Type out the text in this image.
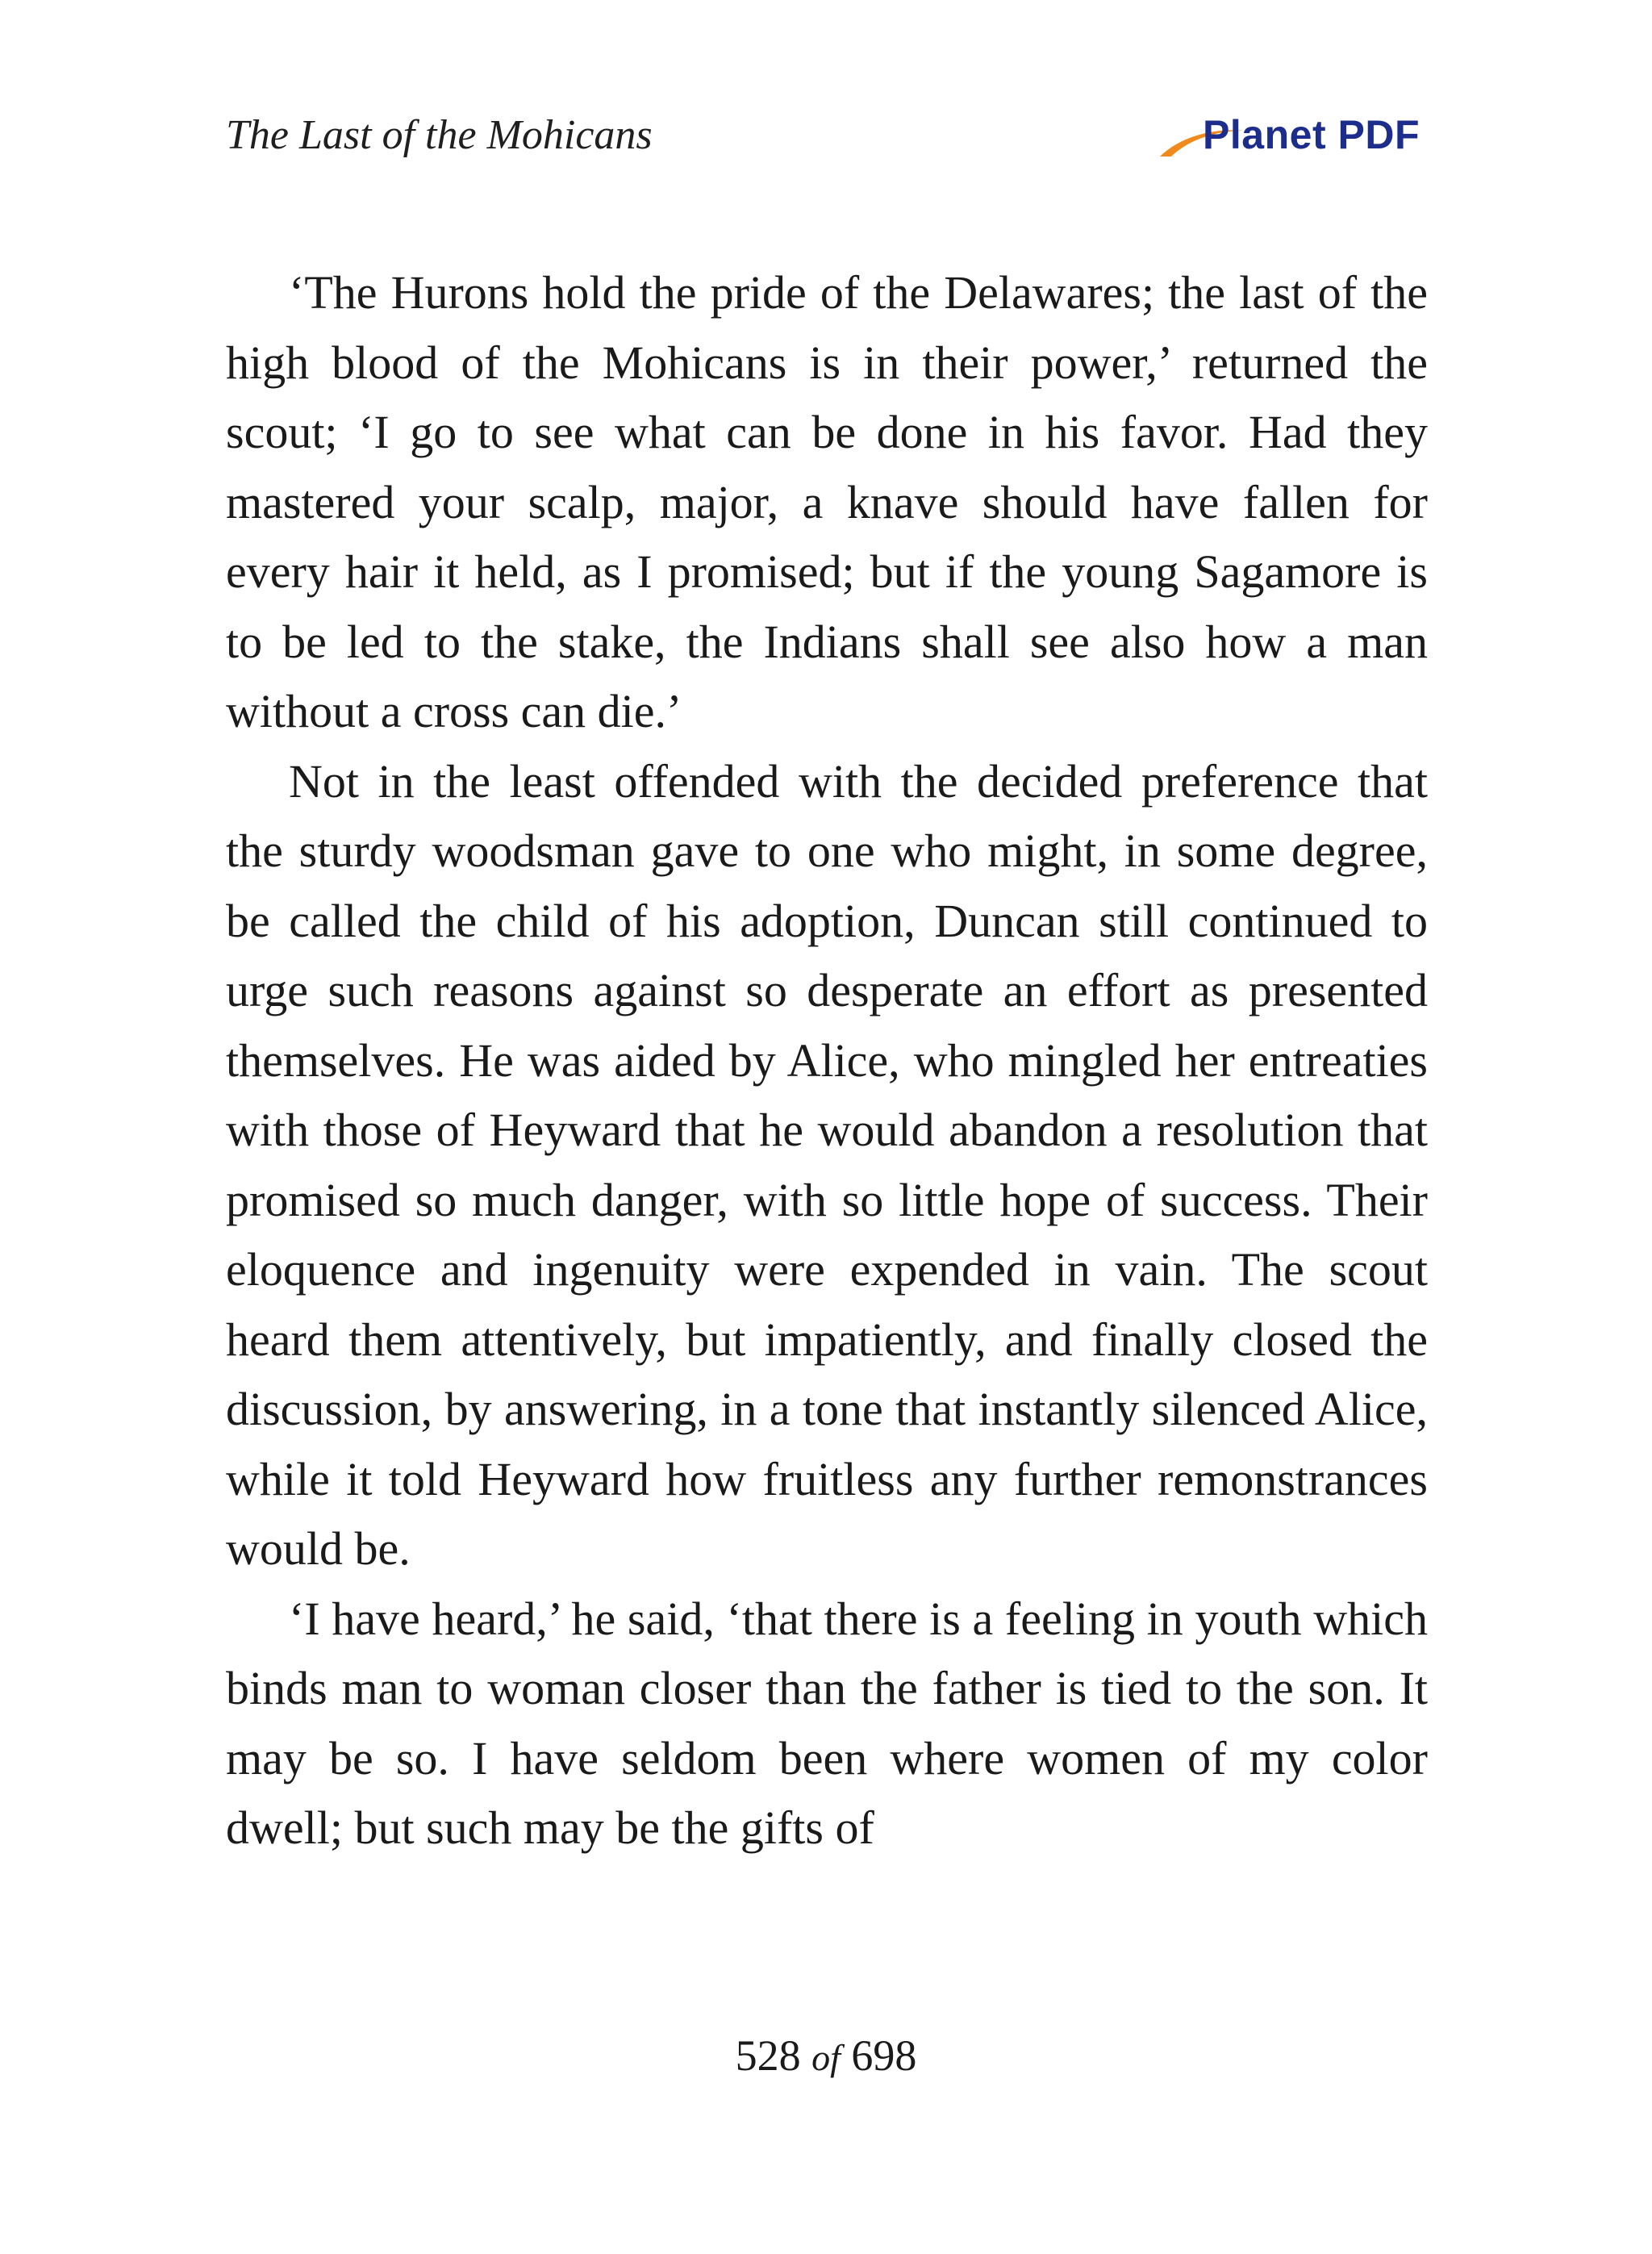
The Last of the Mohicans	Planet PDF

‘The Hurons hold the pride of the Delawares; the last of the high blood of the Mohicans is in their power,’ returned the scout; ‘I go to see what can be done in his favor. Had they mastered your scalp, major, a knave should have fallen for every hair it held, as I promised; but if the young Sagamore is to be led to the stake, the Indians shall see also how a man without a cross can die.’

Not in the least offended with the decided preference that the sturdy woodsman gave to one who might, in some degree, be called the child of his adoption, Duncan still continued to urge such reasons against so desperate an effort as presented themselves. He was aided by Alice, who mingled her entreaties with those of Heyward that he would abandon a resolution that promised so much danger, with so little hope of success. Their eloquence and ingenuity were expended in vain. The scout heard them attentively, but impatiently, and finally closed the discussion, by answering, in a tone that instantly silenced Alice, while it told Heyward how fruitless any further remonstrances would be.

‘I have heard,’ he said, ‘that there is a feeling in youth which binds man to woman closer than the father is tied to the son. It may be so. I have seldom been where women of my color dwell; but such may be the gifts of

528 of 698
